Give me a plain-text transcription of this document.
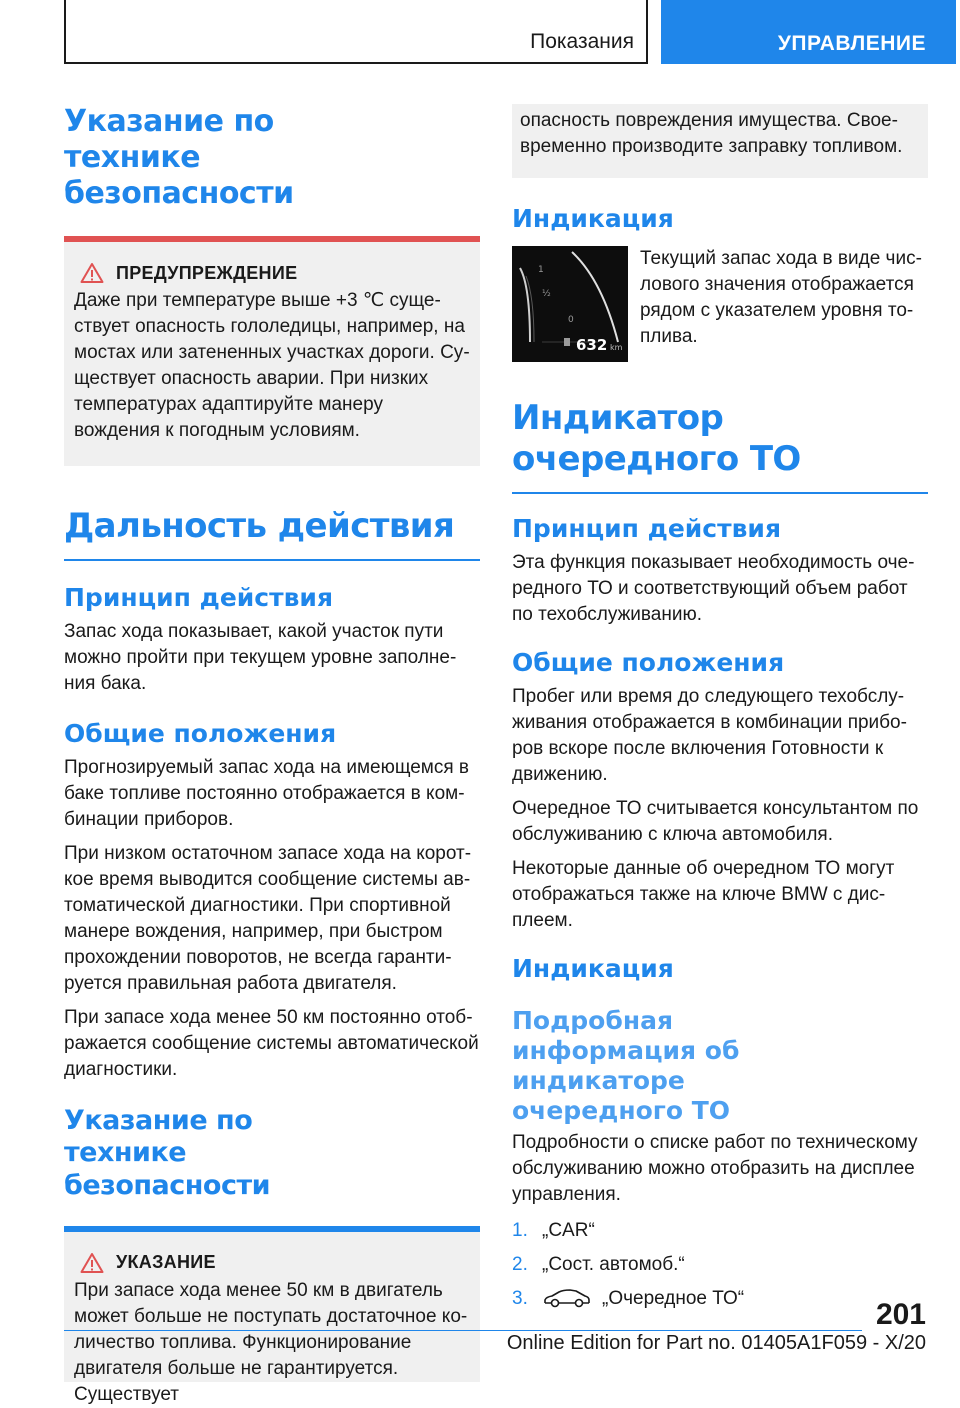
Показания	УПРАВЛЕНИЕ
Указание по технике безопасности
ПРЕДУПРЕЖДЕНИЕ

Даже при температуре выше +3 ℃ существует опасность гололедицы, например, на мостах или затененных участках дороги. Существует опасность аварии. При низких температурах адаптируйте манеру вождения к погодным условиям.

Дальность действия
Принцип действия

Запас хода показывает, какой участок пути можно пройти при текущем уровне заполнения бака.

Общие положения

Прогнозируемый запас хода на имеющемся в баке топливе постоянно отображается в комбинации приборов.

При низком остаточном запасе хода на короткое время выводится сообщение системы автоматической диагностики. При спортивной манере вождения, например, при быстром прохождении поворотов, не всегда гарантируется правильная работа двигателя.

При запасе хода менее 50 км постоянно отображается сообщение системы автоматической диагностики.

Указание по технике безопасности
УКАЗАНИЕ

При запасе хода менее 50 км в двигатель может больше не поступать достаточное количество топлива. Функционирование двигателя больше не гарантируется. Существует

опасность повреждения имущества. Своевременно производите заправку топливом.

Индикация
1
½
0
632 km

Текущий запас хода в виде числового значения отображается рядом с указателем уровня топлива.

Индикатор очередного ТО
Принцип действия

Эта функция показывает необходимость очередного ТО и соответствующий объем работ по техобслуживанию.

Общие положения

Пробег или время до следующего техобслуживания отображается в комбинации приборов вскоре после включения Готовности к движению.

Очередное ТО считывается консультантом по обслуживанию с ключа автомобиля.

Некоторые данные об очередном ТО могут отображаться также на ключе BMW с дисплеем.

Индикация
Подробная информация об индикаторе очередного ТО

Подробности о списке работ по техническому обслуживанию можно отобразить на дисплее управления.

1. „CAR“
2. „Сост. автомоб.“
3.	„Очередное ТО“	201
Online Edition for Part no. 01405A1F059 - X/20
